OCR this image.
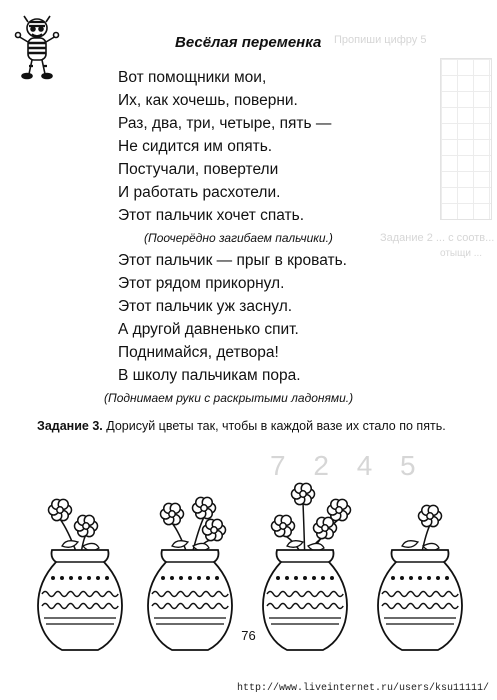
Пропиши цифру 5
Задание 2 ... с соотв...
отыщи ...
7 2 4 5
Весёлая переменка
Вот помощники мои,
Их, как хочешь, поверни.
Раз, два, три, четыре, пять —
Не сидится им опять.
Постучали, повертели
И работать расхотели.
Этот пальчик хочет спать.
(Поочерёдно загибаем пальчики.)
Этот пальчик — прыг в кровать.
Этот рядом прикорнул.
Этот пальчик уж заснул.
А другой давненько спит.
Поднимайся, детвора!
В школу пальчикам пора.
(Поднимаем руки с раскрытыми ладонями.)
Задание 3. Дорисуй цветы так, чтобы в каждой вазе их стало по пять.
76
http://www.liveinternet.ru/users/ksu11111/
